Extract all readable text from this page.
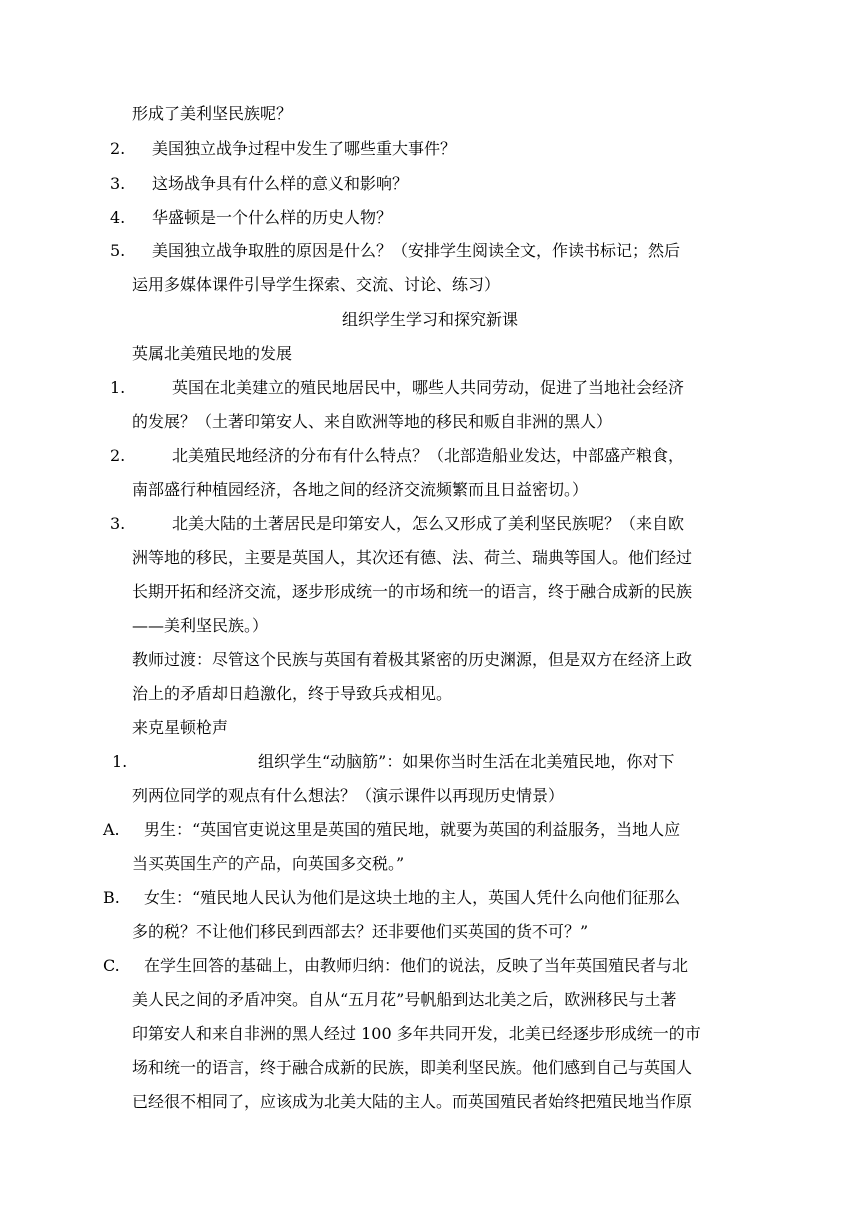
形成了美利坚民族呢？
2. 美国独立战争过程中发生了哪些重大事件？
3. 这场战争具有什么样的意义和影响？
4. 华盛顿是一个什么样的历史人物？
5. 美国独立战争取胜的原因是什么？（安排学生阅读全文，作读书标记；然后
运用多媒体课件引导学生探索、交流、讨论、练习）
组织学生学习和探究新课
英属北美殖民地的发展
1.	英国在北美建立的殖民地居民中，哪些人共同劳动，促进了当地社会经济
的发展？（土著印第安人、来自欧洲等地的移民和贩自非洲的黑人）
2.	北美殖民地经济的分布有什么特点？（北部造船业发达，中部盛产粮食，
南部盛行种植园经济，各地之间的经济交流频繁而且日益密切。）
3.	北美大陆的土著居民是印第安人，怎么又形成了美利坚民族呢？（来自欧
洲等地的移民，主要是英国人，其次还有德、法、荷兰、瑞典等国人。他们经过
长期开拓和经济交流，逐步形成统一的市场和统一的语言，终于融合成新的民族
——美利坚民族。）
教师过渡：尽管这个民族与英国有着极其紧密的历史渊源，但是双方在经济上政
治上的矛盾却日趋激化，终于导致兵戎相见。
来克星顿枪声
1.	组织学生“动脑筋”：如果你当时生活在北美殖民地，你对下
列两位同学的观点有什么想法？（演示课件以再现历史情景）
A. 男生：“英国官吏说这里是英国的殖民地，就要为英国的利益服务，当地人应
当买英国生产的产品，向英国多交税。”
B. 女生：“殖民地人民认为他们是这块土地的主人，英国人凭什么向他们征那么
多的税？不让他们移民到西部去？还非要他们买英国的货不可？”
C. 在学生回答的基础上，由教师归纳：他们的说法，反映了当年英国殖民者与北
美人民之间的矛盾冲突。自从“五月花”号帆船到达北美之后，欧洲移民与土著
印第安人和来自非洲的黑人经过 100 多年共同开发，北美已经逐步形成统一的市
场和统一的语言，终于融合成新的民族，即美利坚民族。他们感到自己与英国人
已经很不相同了，应该成为北美大陆的主人。而英国殖民者始终把殖民地当作原
